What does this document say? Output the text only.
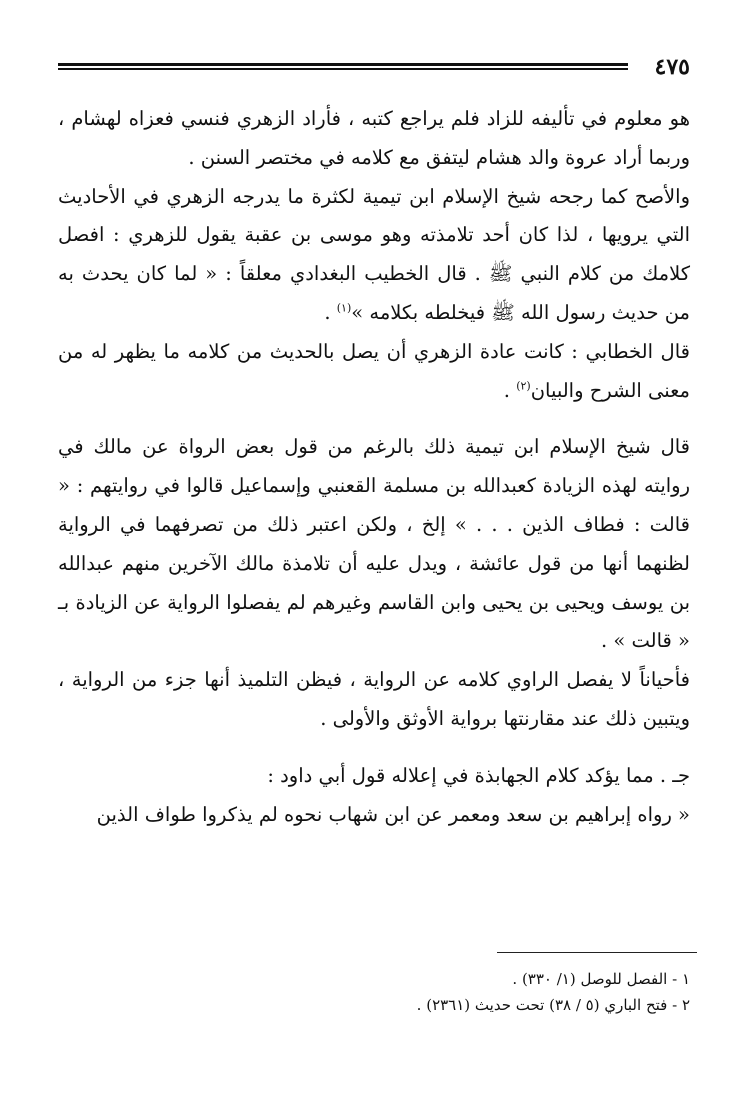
٤٧٥

هو معلوم في تأليفه للزاد فلم يراجع كتبه ، فأراد الزهري فنسي فعزاه لهشام ، وربما أراد عروة والد هشام ليتفق مع كلامه في مختصر السنن .

والأصح كما رجحه شيخ الإسلام ابن تيمية لكثرة ما يدرجه الزهري في الأحاديث التي يرويها ، لذا كان أحد تلامذته وهو موسى بن عقبة يقول للزهري : افصل كلامك من كلام النبي ﷺ . قال الخطيب البغدادي معلقاً : « لما كان يحدث به من حديث رسول الله ﷺ فيخلطه بكلامه »$^{(١)}$ .

قال الخطابي : كانت عادة الزهري أن يصل بالحديث من كلامه ما يظهر له من معنى الشرح والبيان$^{(٢)}$ .

قال شيخ الإسلام ابن تيمية ذلك بالرغم من قول بعض الرواة عن مالك في روايته لهذه الزيادة كعبدالله بن مسلمة القعنبي وإسماعيل قالوا في روايتهم : « قالت : فطاف الذين . . . » إلخ ، ولكن اعتبر ذلك من تصرفهما في الرواية لظنهما أنها من قول عائشة ، ويدل عليه أن تلامذة مالك الآخرين منهم عبدالله بن يوسف ويحيى بن يحيى وابن القاسم وغيرهم لم يفصلوا الرواية عن الزيادة بـ « قالت » .

فأحياناً لا يفصل الراوي كلامه عن الرواية ، فيظن التلميذ أنها جزء من الرواية ، ويتبين ذلك عند مقارنتها برواية الأوثق والأولى .

جـ . مما يؤكد كلام الجهابذة في إعلاله قول أبي داود :

« رواه إبراهيم بن سعد ومعمر عن ابن شهاب نحوه لم يذكروا طواف الذين

١ - الفصل للوصل (١/ ٣٣٠) .

٢ - فتح الباري (٥ / ٣٨) تحت حديث (٢٣٦١) .
